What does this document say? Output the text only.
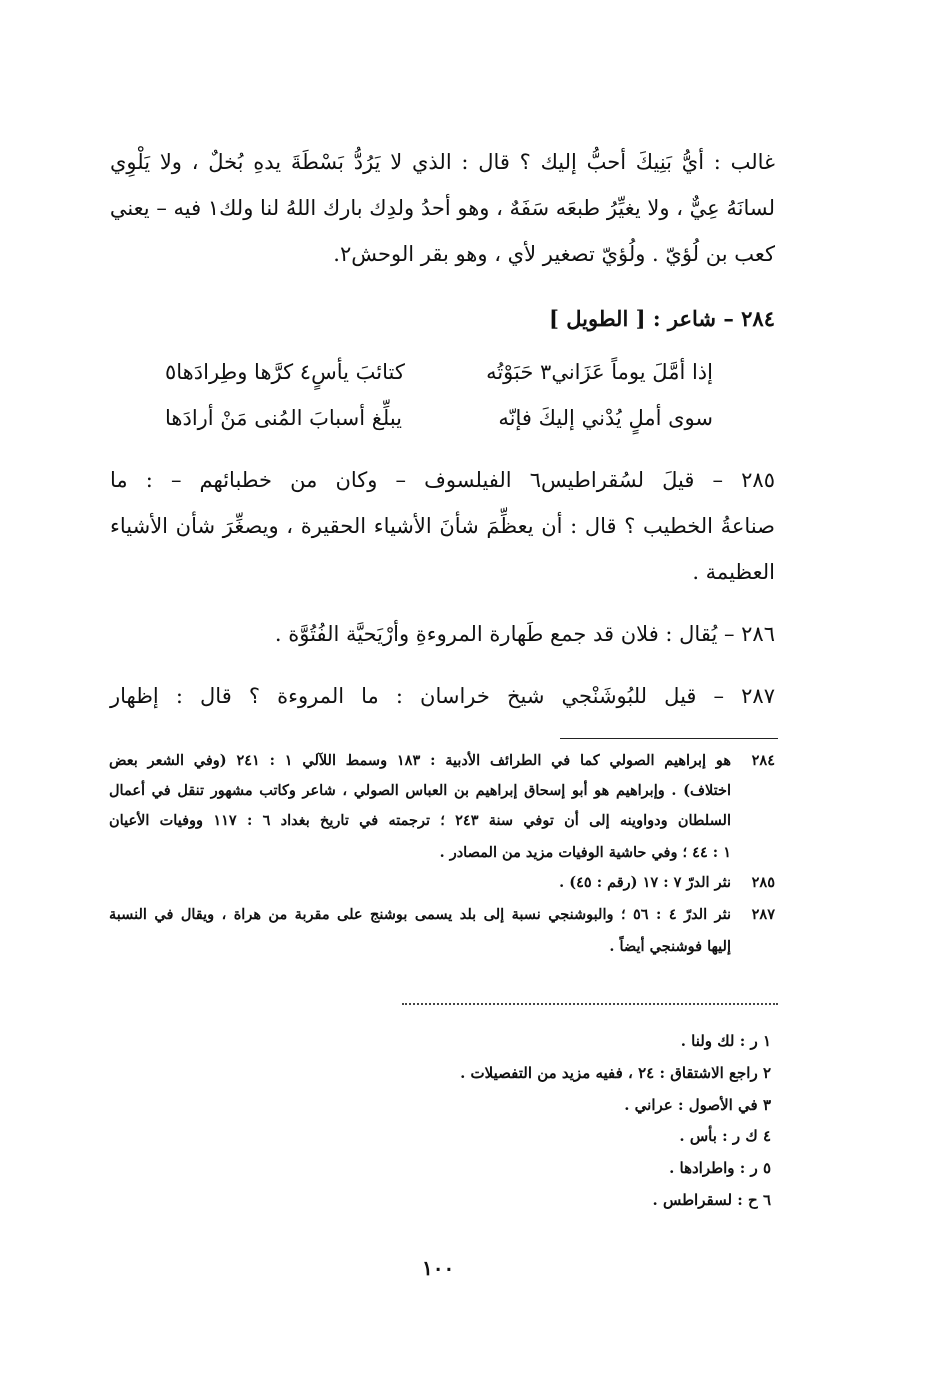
غالب : أيُّ بَنِيكَ أحبُّ إليك ؟ قال : الذي لا يَرُدُّ بَسْطَةَ يدهِ بُخلٌ ، ولا يَلْوِي
لسانَهُ عِيٌّ ، ولا يغيِّرُ طبعَه سَفَهٌ ، وهو أحدُ ولدِك بارك اللهُ لنا ولك١ فيه – يعني
كعب بن لُؤيّ . ولُؤيّ تصغير لأي ، وهو بقر الوحش٢.
٢٨٤ – شاعر : [ الطويل ]
إذا أمَّلَ يوماً عَزَاني٣ حَبَوْتُه
كتائبَ يأسٍ٤ كرَّها وطِرادَها٥
سوى أملٍ يُدْني إليكَ فإنّه
يبلِّغ أسبابَ المُنى مَنْ أرادَها
٢٨٥ – قيلَ لسُقراطيس٦ الفيلسوف – وكان من خطبائهم – : ما
صناعةُ الخطيب ؟ قال : أن يعظِّمَ شأنَ الأشياء الحقيرة ، ويصغِّرَ شأن الأشياء
العظيمة .
٢٨٦ – يُقال : فلان قد جمع طَهارة المروءةِ وأرْيَحيَّة الفُتُوَّة .
٢٨٧ – قيل للبُوشَنْجي شيخ خراسان : ما المروءة ؟ قال : إظهار
٢٨٤
هو إبراهيم الصولي كما في الطرائف الأدبية : ١٨٣ وسمط اللآلي ١ : ٢٤١ (وفي الشعر بعض
اختلاف) . وإبراهيم هو أبو إسحاق إبراهيم بن العباس الصولي ، شاعر وكاتب مشهور تنقل في أعمال
السلطان ودواوينه إلى أن توفي سنة ٢٤٣ ؛ ترجمته في تاريخ بغداد ٦ : ١١٧ ووفيات الأعيان
١ : ٤٤ ؛ وفي حاشية الوفيات مزيد من المصادر .
٢٨٥
نثر الدرّ ٧ : ١٧ (رقم : ٤٥) .
٢٨٧
نثر الدرّ ٤ : ٥٦ ؛ والبوشنجي نسبة إلى بلد يسمى بوشنج على مقربة من هراة ، ويقال في النسبة
إليها فوشنجي أيضاً .
١ ر : لك ولنا .
٢ راجع الاشتقاق : ٢٤ ، ففيه مزيد من التفصيلات .
٣ في الأصول : عراني .
٤ ك ر : بأس .
٥ ر : واطرادها .
٦ ح : لسقراطس .
١٠٠
